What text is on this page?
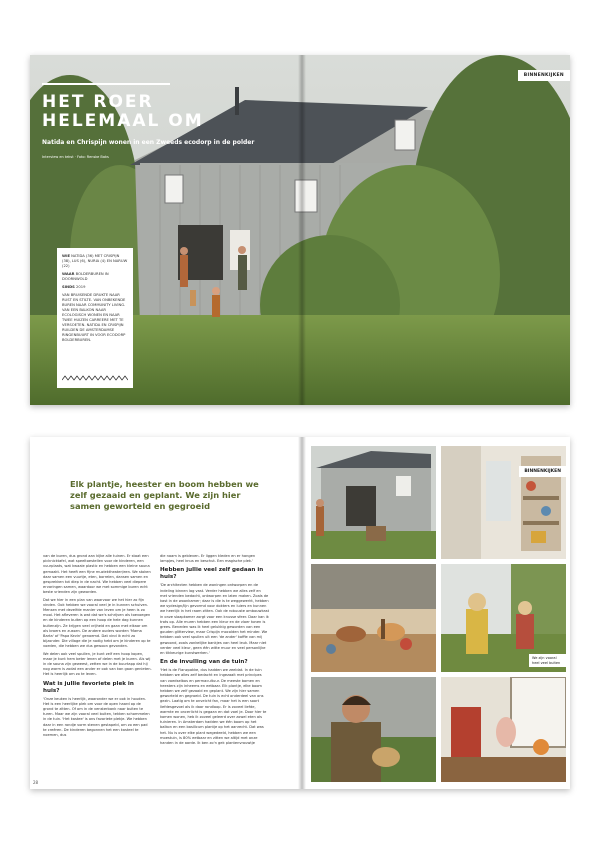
HET ROER
HELEMAAL OM
Natida en Chrispijn wonen in een Zweeds ecodorp in de polder
Interview en tekst · Foto: Renske Baks
BINNENKIJKEN

WIE NATIDA (36) MET CRISPIJN (38), LUS (6), NURIA (4) EN NARUW (22)

WAAR BOLDERBUREN IN DOORNWOLD

SINDS 2019

VAN BRUISENDE DRUKTE NAAR RUST EN STILTE. VAN ONBEKENDE BUREN NAAR COMMUNITY LIVING. VAN EEN BALKON NAAR ECOLOGISCH WONEN EN NAAR TWEE HUIZEN CARREERE MET TE VERSOETEN. NATIDA EN CRISPIJN RUILDEN DE AMSTERDAMSE RINGENBUURT IN VOOR ECODORP BOLDERBUREN.

Elk plantje, heester en boom hebben we zelf gezaaid en geplant. We zijn hier samen geworteld en gegroeid

van de buren, dus grond aan kijke alle tuinen. Er staat een picknicktafel, wat speeltoestellen voor de kinderen, een vuurplaats, wat kwaaie plastic en hebben een kleine sauna gemaakt. Het heeft een fijne muziektheater/een. We stoken daar samen een vuurtje, eten, borrelen, dansen samen en gesprekken tot diep in de nacht. We hebben veel diepere ervaringen samen, waardoor we met sommige buren echt beste vrienden zijn geworden.

Dat we hier in een plan van waarvoor we het hier zo fijn vinden. Ook hebben we vooral veel je in kunnen schuiven. Mensen met dezelfde manier van leven om je heen is zo mooi. Het afleveren is wat dat we's schrijven als toevoegen en de kinderen buiten op een hoop de hele dag kunnen buitenzijn. Ze krijgen veel vrijheid en gaan met elkaar om als broers en zussen. De andere ouders worden 'Mama Barta' of 'Papa Kevin' genoemd. Dat vind ik echt zo bijzonder. Die village die je nodig hebt om je kinderen op te voeden, die hebben we dus gewoon gevonden.

We delen ook veel spullen, je kunt zelf een hoop kopen, maar je kunt hem beter lenen of delen met je buren. Als wij in de sauna zijn geweest, zetten we in de buurtapp dat hij nog warm is zodat een ander er ook van kan gaan genieten. Het is heerlijk om zo te leven.

Wat is jullie favoriete plek in huis?

'Onze keuken is heerlijk, waaronder we er ook in houden. Het is een heerlijke plek om voor de open haard op de grond te zitten. Of om in de vensterbank naar buiten te turen. Maar we zijn vooral veel buiten, tekken schommelen in de tuin. 'Het kastee' is ons favoriete plekje. We hebben daar in een rondje vorm stenen gestapeld, om zo een pad te creëren. De kinderen begonnen het een kasteel te noemen, dus

die naam is gebleven. Er liggen kleden en er hangen lampjes, heel knus en beschut. Een magische plek.'

Hebben jullie veel zelf gedaan in huis?

'De architecten hebben de woningen ontworpen en de indeling binnen lag vast. Verder hebben we alles zelf en met vrienden bedacht, ontworpen en laten maken. Zoals de kast in de woonkamer; daar is die is te weggewerkt, hebben we sydesign/lijn gevormd voor dokters en luiers en kunnen we heerlijk in het raam zitten. Ook de robuuste ombouwkast in onze slaapkamer zorgt voor een knusse sfeer. Daar kan ik trots op. Alle muren hebben een kleur en de vloer tonen is grees. Beneden was ik heel gelukkig geworden van een gouden glitterview, maar Crispijn mocolden het minder. We hebben ook veel spullen uit een 'de ander' koffie van mij gewoond, zoals zonkelijke bankjes van heel leuk. Maar niet verder veel kleur, geen één witte muur en veel personlijke en tikkeurige kunstwerken.'

En de invulling van de tuin?

'Het is de Flanzpakke, dus hadden we zeeldat. In de tuin hebben we alles zelf bedacht en ingezaait met principes van voedselbos en permacultuur. De meeste bomen en heesters zijn inheems en eetbaar. Elk plantje, elke boom hebben we zelf gezaaid en geplant. We zijn hier samen geworteld en gegroeid. De tuin is echt onderdeel van ons gezin. Laatig om te onveicht fan, maar het is een soort liefdesgevoel als ik daar rondloop. Er is zoveel liefde, warmte en oncerlicht is gegaan en dat voel je. Door hier te komen wonen, heb ik zoveel geleerd over zowel eten als tuinieren. In Amsterdam hadden we één boom op het balkon en een basilicum plantje op het aanrecht. Dat was het. Nu is over elke plant wegedeeld, hebben we een moestuin, is 80% eetbaar en zitten we altijd met onze handen in de aarde. Ik ben zo'n gek plantenvrouwtje

28
BINNENKIJKEN
We zijn vooral heel veel buiten
